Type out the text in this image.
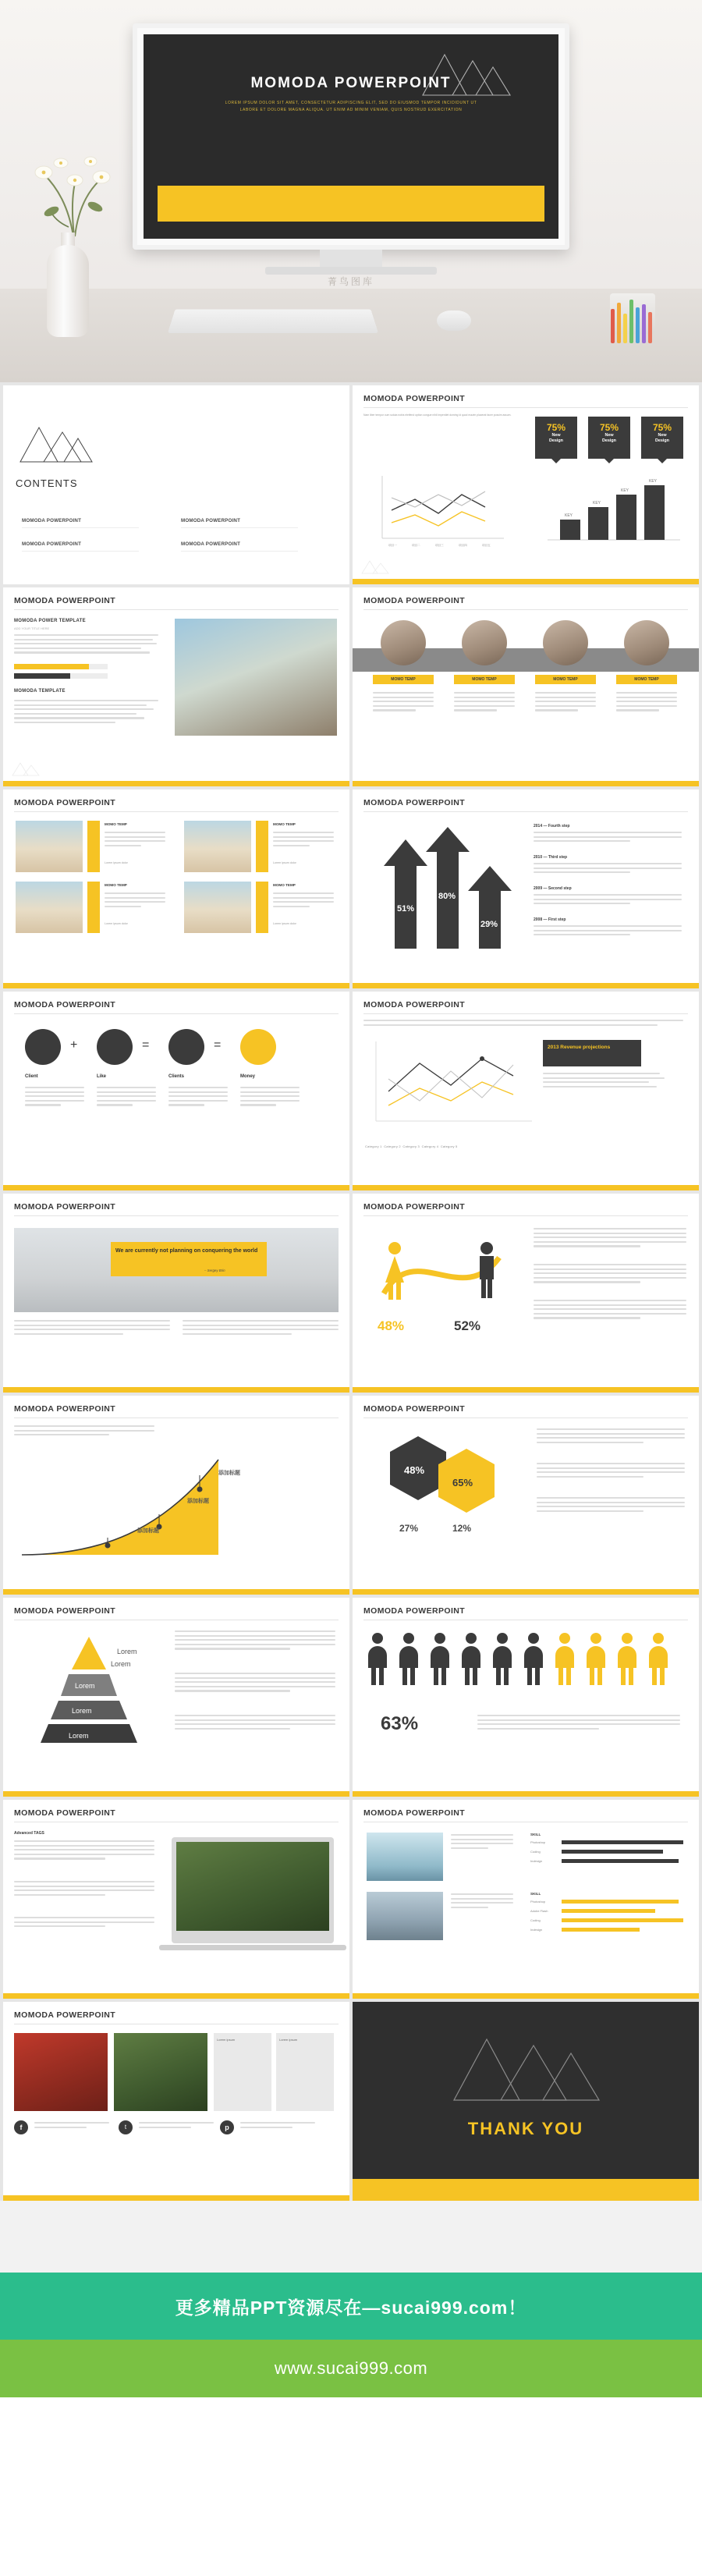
MOMODA POWERPOINT
LOREM IPSUM DOLOR SIT AMET, CONSECTETUR ADIPISCING ELIT, SED DO EIUSMOD TEMPOR INCIDIDUNT UT LABORE ET DOLORE MAGNA ALIQUA. UT ENIM AD MINIM VENIAM, QUIS NOSTRUD EXERCITATION
菁鸟图库
CONTENTS
MOMODA POWERPOINT	MOMODA POWERPOINT
MOMODA POWERPOINT	MOMODA POWERPOINT
MOMODA POWERPOINT
Nam liber tempor cum soluta nobis eleifend option congue nihil imperdiet doming id quod mazim placerat facer possim assum.
75%
New
Design
75%
New
Design
75%
New
Design
项目一	项目二	项目三	项目四	项目五
KEY
KEY
KEY
KEY
MOMODA POWERPOINT
MOMODA POWER TEMPLATE
ADD YOUR TITLE HERE
MOMODA TEMPLATE
MOMODA POWERPOINT
MOMO TEMP	MOMO TEMP	MOMO TEMP	MOMO TEMP
MOMODA POWERPOINT
MOMO TEMP
Lorem ipsum dolor
MOMO TEMP
Lorem ipsum dolor
MOMO TEMP
Lorem ipsum dolor
MOMO TEMP
Lorem ipsum dolor
MOMODA POWERPOINT
51%
80%
29%
2014 — Fourth step
2010 — Third step
2009 — Second step
2008 — First step
MOMODA POWERPOINT
+	=	=
Client	Like	Clients	Money
MOMODA POWERPOINT
2013 Revenue projections
Category 1 Category 2 Category 3 Category 4 Category 5
MOMODA POWERPOINT
We are currently not planning on conquering the world
– Sergey Brin
MOMODA POWERPOINT
48%	52%
MOMODA POWERPOINT
添加标题
添加标题
添加标题
MOMODA POWERPOINT
48%
65%
27%	12%
MOMODA POWERPOINT
Lorem
Lorem
Lorem
Lorem
Lorem
MOMODA POWERPOINT
63%
MOMODA POWERPOINT
Advanced TAGS
MOMODA POWERPOINT
SKILL
Photoshop
Coding
Indesign
SKILL
Photoshop
Adobe Flash
Coding
Indesign
MOMODA POWERPOINT
Lorem ipsum	Lorem ipsum
f	t	p	THANK YOU
更多精品PPT资源尽在—sucai999.com！
www.sucai999.com
